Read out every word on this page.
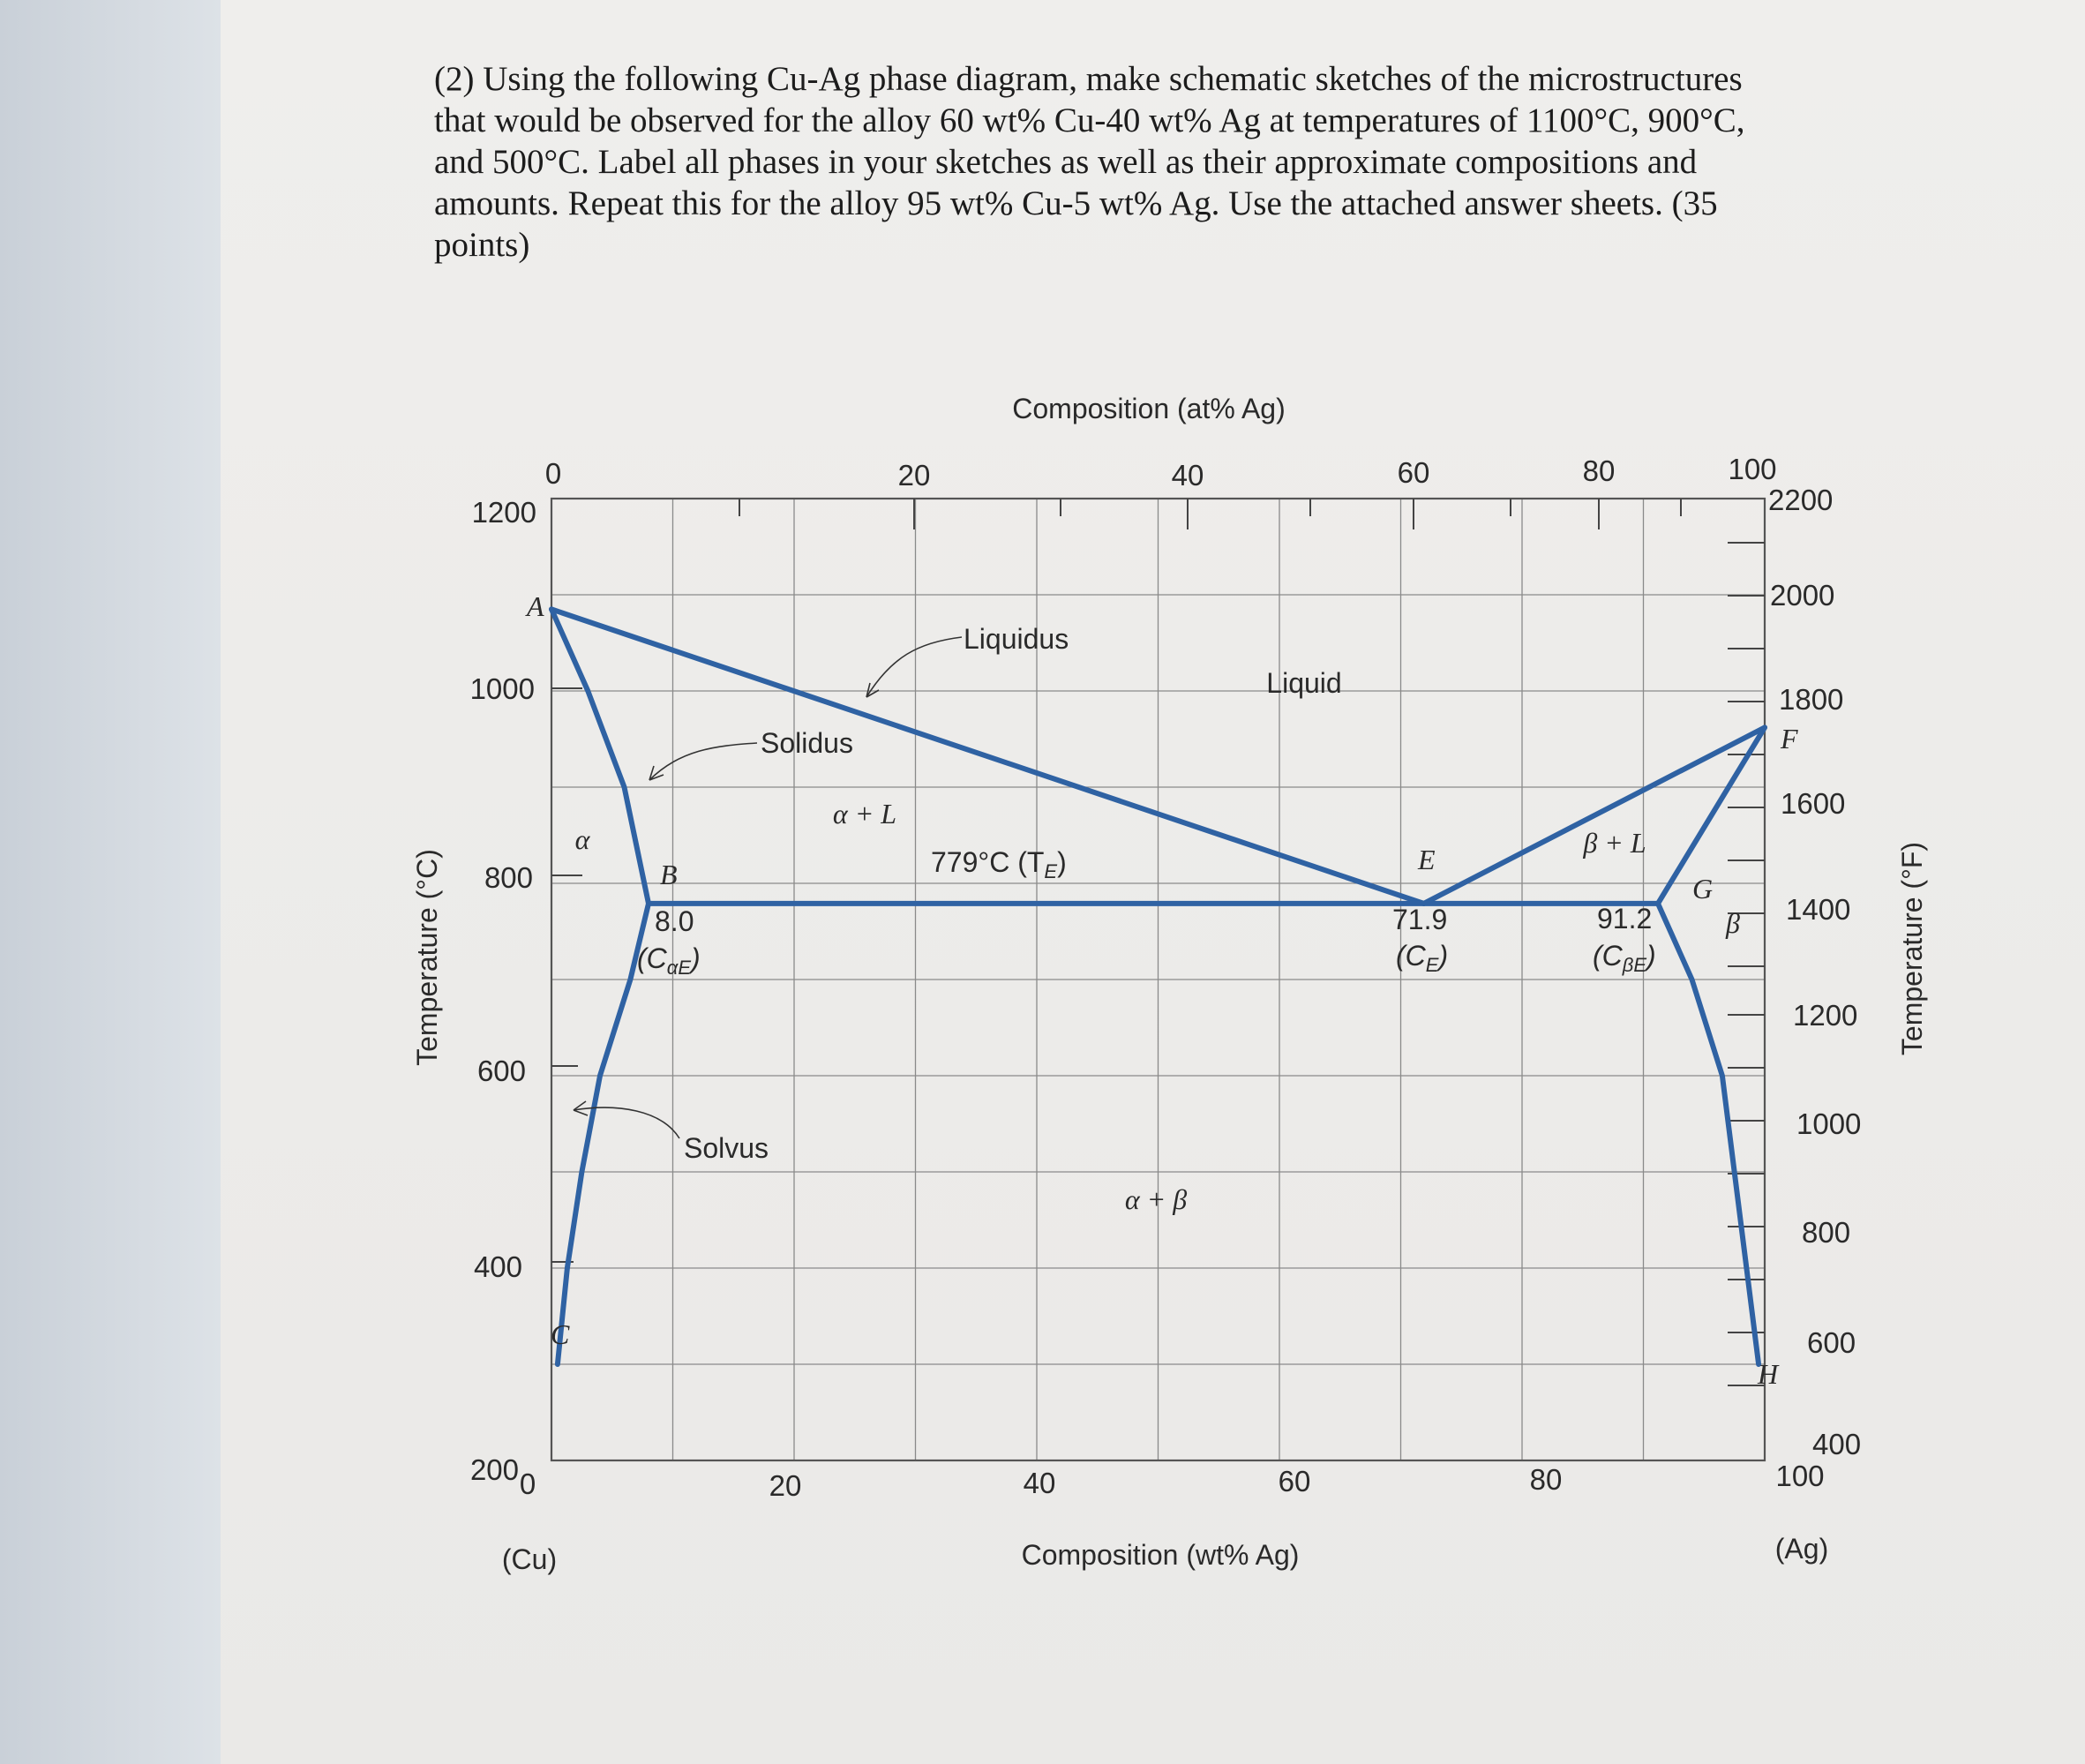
(2) Using the following Cu-Ag phase diagram, make schematic sketches of the microstructures
that would be observed for the alloy 60 wt% Cu-40 wt% Ag at temperatures of 1100°C, 900°C,
and 500°C. Label all phases in your sketches as well as their approximate compositions and
amounts. Repeat this for the alloy 95 wt% Cu-5 wt% Ag. Use the attached answer sheets. (35
points)
Composition (at% Ag)
Composition (wt% Ag)
(Cu)	(Ag)
Temperature (°C)	Temperature (°F)
0	20	40	60	80	100
0	20	40	60	80	100
1200
1000
800
600
400
200
2200
2000
1800
1600
1400
1200
1000
800
600
400
Liquid
α
β
α + L
β + L
α + β
Liquidus
Solidus
Solvus
A
B
C
E
F
G
H
779°C $(T_E)$
8.0
$(C_{\alpha E})$
71.9
$(C_E)$
91.2
$(C_{\beta E})$
